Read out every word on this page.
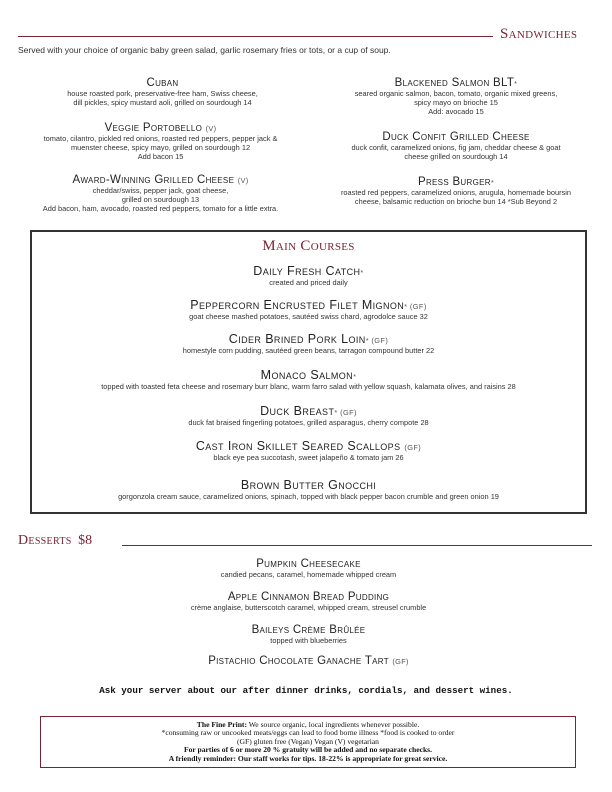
Sandwiches
Served with your choice of organic baby green salad, garlic rosemary fries or tots, or a cup of soup.
Cuban
house roasted pork, preservative-free ham, Swiss cheese,
dill pickles, spicy mustard aoli, grilled on sourdough 14
Veggie Portobello (V)
tomato, cilantro, pickled red onions, roasted red peppers, pepper jack &
muenster cheese, spicy mayo, grilled on sourdough 12
Add bacon 15
Award-Winning Grilled Cheese (V)
cheddar/swiss, pepper jack, goat cheese,
grilled on sourdough 13
Add bacon, ham, avocado, roasted red peppers, tomato for a little extra.
Blackened Salmon BLT*
seared organic salmon, bacon, tomato, organic mixed greens,
spicy mayo on brioche 15
Add: avocado 15
Duck Confit Grilled Cheese
duck confit, caramelized onions, fig jam, cheddar cheese & goat
cheese grilled on sourdough 14
Press Burger*
roasted red peppers, caramelized onions, arugula, homemade boursin
cheese, balsamic reduction on brioche bun 14 *Sub Beyond 2
Main Courses
Daily Fresh Catch*
created and priced daily
Peppercorn Encrusted Filet Mignon* (GF)
goat cheese mashed potatoes, sautéed swiss chard, agrodolce sauce 32
Cider Brined Pork Loin* (GF)
homestyle corn pudding, sautéed green beans, tarragon compound butter 22
Monaco Salmon*
topped with toasted feta cheese and rosemary burr blanc, warm farro salad with yellow squash, kalamata olives, and raisins 28
Duck Breast* (GF)
duck fat braised fingerling potatoes, grilled asparagus, cherry compote 28
Cast Iron Skillet Seared Scallops (GF)
black eye pea succotash, sweet jalapeño & tomato jam 26
Brown Butter Gnocchi
gorgonzola cream sauce, caramelized onions, spinach, topped with black pepper bacon crumble and green onion 19
Desserts $8
Pumpkin Cheesecake
candied pecans, caramel, homemade whipped cream
Apple Cinnamon Bread Pudding
crème anglaise, butterscotch caramel, whipped cream, streusel crumble
Baileys Crème Brûlée
topped with blueberries
Pistachio Chocolate Ganache Tart (GF)
Ask your server about our after dinner drinks, cordials, and dessert wines.
The Fine Print: We source organic, local ingredients whenever possible.
*consuming raw or uncooked meats/eggs can lead to food borne illness *food is cooked to order
(GF) gluten free (Vegan) Vegan (V) vegetarian
For parties of 6 or more 20 % gratuity will be added and no separate checks.
A friendly reminder: Our staff works for tips. 18-22% is appropriate for great service.
